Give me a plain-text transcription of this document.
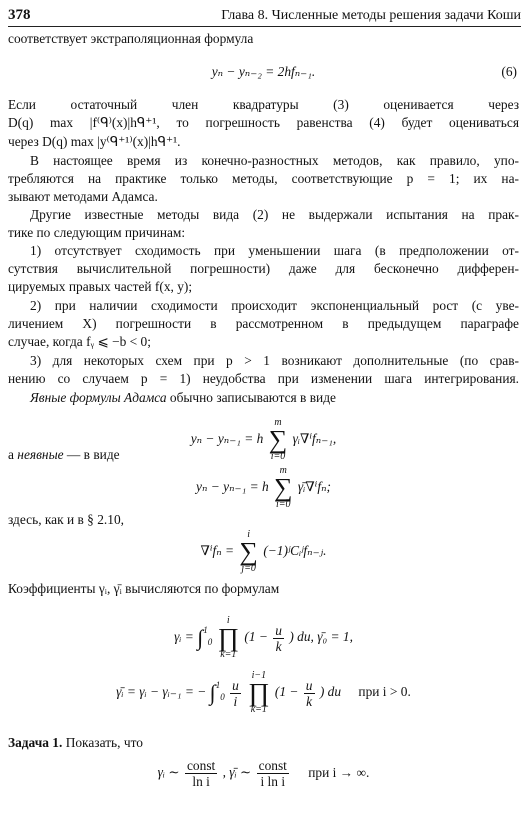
378	Глава 8. Численные методы решения задачи Коши
соответствует экстраполяционная формула
yₙ − yₙ₋₂ = 2hfₙ₋₁.	(6)
Если остаточный член квадратуры (3) оценивается через
D(q) max |f⁽ᑫ⁾(x)|hᑫ⁺¹, то погрешность равенства (4) будет оцениваться
через D(q) max |y⁽ᑫ⁺¹⁾(x)|hᑫ⁺¹.
В настоящее время из конечно-разностных методов, как правило, упо-
требляются на практике только методы, соответствующие p = 1; их на-
зывают методами Адамса.
Другие известные методы вида (2) не выдержали испытания на прак-
тике по следующим причинам:
1) отсутствует сходимость при уменьшении шага (в предположении от-
сутствия вычислительной погрешности) даже для бесконечно дифферен-
цируемых правых частей f(x, y);
2) при наличии сходимости происходит экспоненциальный рост (с уве-
личением X) погрешности в рассмотренном в предыдущем параграфе
случае, когда fᵧ ⩽ −b < 0;
3) для некоторых схем при p > 1 возникают дополнительные (по срав-
нению со случаем p = 1) неудобства при изменении шага интегрирования.
Явные формулы Адамса обычно записываются в виде
yₙ − yₙ₋₁ = h
m
∑
i=0
γᵢ∇ⁱfₙ₋₁,
а неявные — в виде
yₙ − yₙ₋₁ = h
m
∑
i=0
γ̄ᵢ∇ⁱfₙ;
здесь, как и в § 2.10,
∇ⁱfₙ =
i
∑
j=0
(−1)ʲCᵢʲfₙ₋ⱼ.
Коэффициенты γᵢ, γ̄ᵢ вычисляются по формулам
γᵢ = ∫$^1_0$
i
∏
k=1
($1 - \frac{u}{k}$ ) du, γ̄₀ = 1,
γ̄ᵢ = γᵢ − γᵢ₋₁ = − $\int^1_0 \frac{u}{i}$

i−1
∏
k=1
($1 - \frac{u}{k}$ ) du при i > 0.
Задача 1. Показать, что
γᵢ ∼ $\frac{\text{const}}{\text{ln i}}$ , γ̄ᵢ ∼ $\frac{\text{const}}{\text{i ln i}}$ при i → ∞.
